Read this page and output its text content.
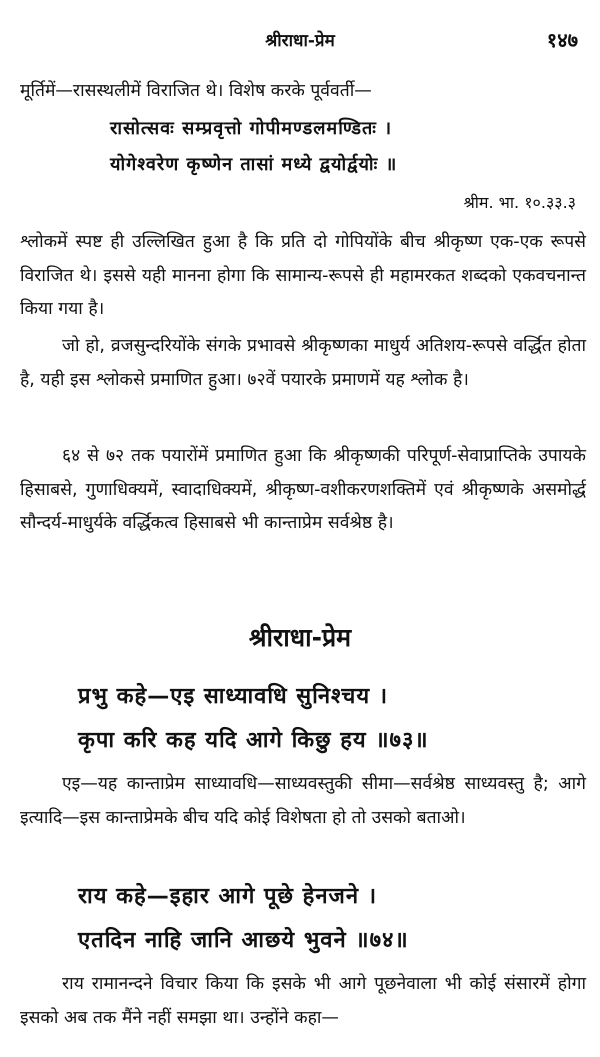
श्रीराधा-प्रेम	१४७
मूर्तिमें—रासस्थलीमें विराजित थे। विशेष करके पूर्ववर्ती—
रासोत्सवः सम्प्रवृत्तो गोपीमण्डलमण्डितः ।
योगेश्वरेण कृष्णेन तासां मध्ये द्वयोर्द्वयोः ॥
श्रीम. भा. १०.३३.३
श्लोकमें स्पष्ट ही उल्लिखित हुआ है कि प्रति दो गोपियोंके बीच श्रीकृष्ण एक-एक रूपसे विराजित थे। इससे यही मानना होगा कि सामान्य-रूपसे ही महामरकत शब्दको एकवचनान्त किया गया है।
जो हो, व्रजसुन्दरियोंके संगके प्रभावसे श्रीकृष्णका माधुर्य अतिशय-रूपसे वर्द्धित होता है, यही इस श्लोकसे प्रमाणित हुआ। ७२वें पयारके प्रमाणमें यह श्लोक है।
६४ से ७२ तक पयारोंमें प्रमाणित हुआ कि श्रीकृष्णकी परिपूर्ण-सेवाप्राप्तिके उपायके हिसाबसे, गुणाधिक्यमें, स्वादाधिक्यमें, श्रीकृष्ण-वशीकरणशक्तिमें एवं श्रीकृष्णके असमोर्द्ध सौन्दर्य-माधुर्यके वर्द्धिकत्व हिसाबसे भी कान्ताप्रेम सर्वश्रेष्ठ है।
श्रीराधा-प्रेम
प्रभु कहे—एइ साध्यावधि सुनिश्चय ।
कृपा करि कह यदि आगे किछु हय ॥७३॥
एइ—यह कान्ताप्रेम साध्यावधि—साध्यवस्तुकी सीमा—सर्वश्रेष्ठ साध्यवस्तु है; आगे इत्यादि—इस कान्ताप्रेमके बीच यदि कोई विशेषता हो तो उसको बताओ।
राय कहे—इहार आगे पूछे हेनजने ।
एतदिन नाहि जानि आछये भुवने ॥७४॥
राय रामानन्दने विचार किया कि इसके भी आगे पूछनेवाला भी कोई संसारमें होगा इसको अब तक मैंने नहीं समझा था। उन्होंने कहा—
